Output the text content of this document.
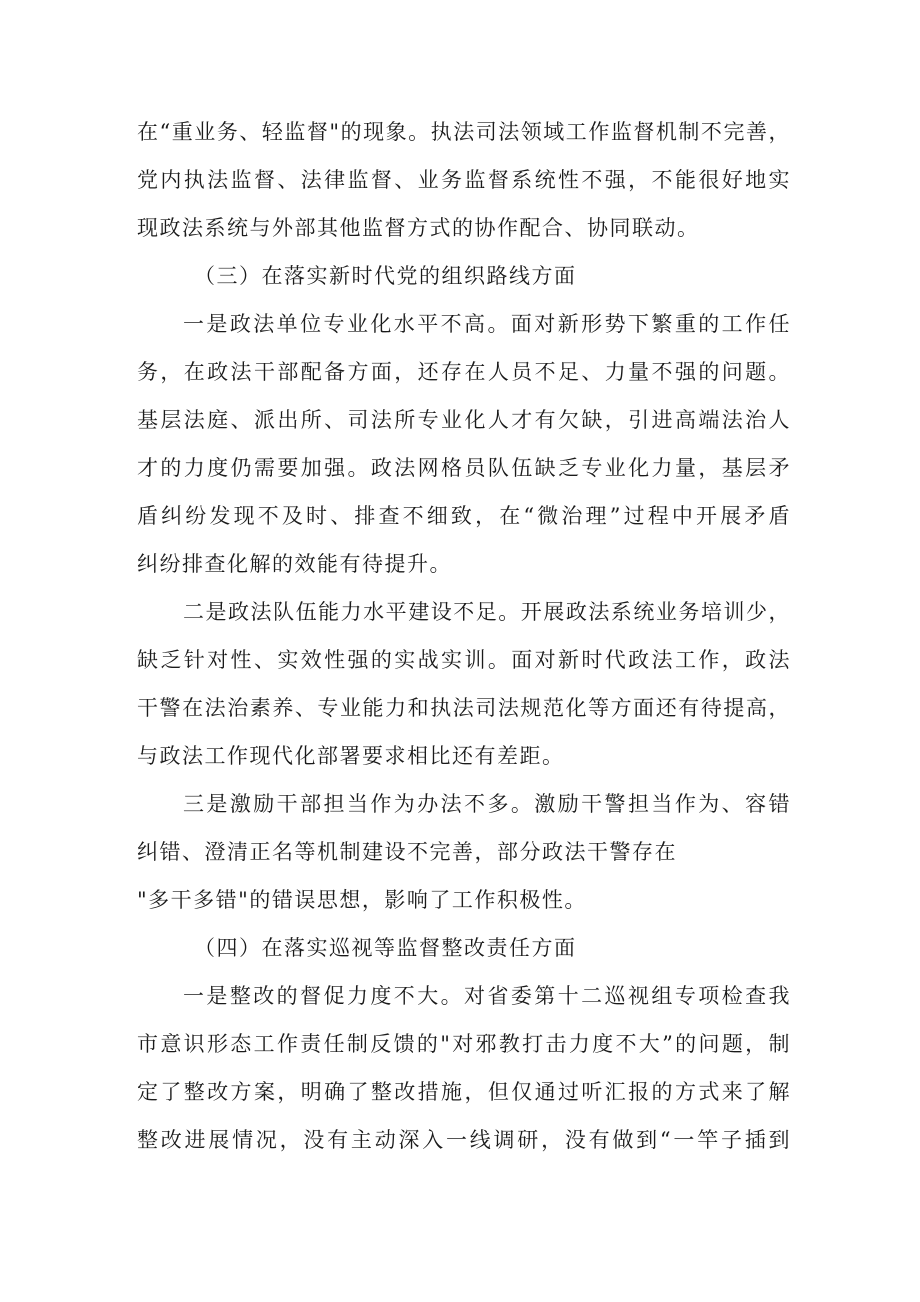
在“重业务、轻监督"的现象。执法司法领域工作监督机制不完善，
党内执法监督、法律监督、业务监督系统性不强，不能很好地实
现政法系统与外部其他监督方式的协作配合、协同联动。
（三）在落实新时代党的组织路线方面
一是政法单位专业化水平不高。面对新形势下繁重的工作任
务，在政法干部配备方面，还存在人员不足、力量不强的问题。
基层法庭、派出所、司法所专业化人才有欠缺，引进高端法治人
才的力度仍需要加强。政法网格员队伍缺乏专业化力量，基层矛
盾纠纷发现不及时、排查不细致，在“微治理”过程中开展矛盾
纠纷排查化解的效能有待提升。
二是政法队伍能力水平建设不足。开展政法系统业务培训少，
缺乏针对性、实效性强的实战实训。面对新时代政法工作，政法
干警在法治素养、专业能力和执法司法规范化等方面还有待提高，
与政法工作现代化部署要求相比还有差距。
三是激励干部担当作为办法不多。激励干警担当作为、容错
纠错、澄清正名等机制建设不完善，部分政法干警存在
"多干多错"的错误思想，影响了工作积极性。
（四）在落实巡视等监督整改责任方面
一是整改的督促力度不大。对省委第十二巡视组专项检查我
市意识形态工作责任制反馈的"对邪教打击力度不大”的问题，制
定了整改方案，明确了整改措施，但仅通过听汇报的方式来了解
整改进展情况，没有主动深入一线调研，没有做到“一竿子插到
